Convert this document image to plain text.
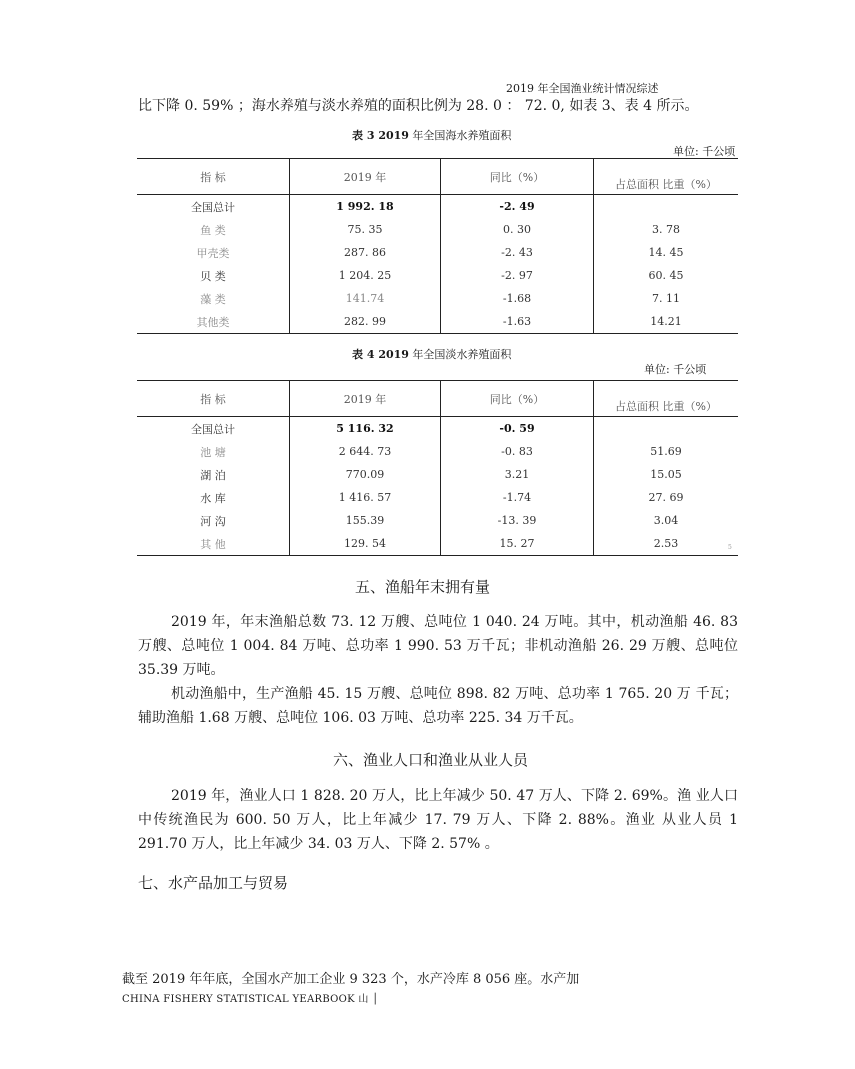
2019 年全国渔业统计情况综述
比下降 0. 59% ；海水养殖与淡水养殖的面积比例为 28. 0 ： 72. 0, 如表 3、表 4 所示。
表 3 2019 年全国海水养殖面积
单位: 千公顷
指 标	2019 年	同比（%）	占总面积 比重（%）
全国总计	1 992. 18	-2. 49	
鱼 类	75. 35	0. 30	3. 78
甲壳类	287. 86	-2. 43	14. 45
贝 类	1 204. 25	-2. 97	60. 45
藻 类	141.74	-1.68	7. 11
其他类	282. 99	-1.63	14.21
表 4 2019 年全国淡水养殖面积
单位: 千公顷
指 标	2019 年	同比（%）	占总面积 比重（%）
全国总计	5 116. 32	-0. 59	
池 塘	2 644. 73	-0. 83	51.69
湖 泊	770.09	3.21	15.05
水 库	1 416. 57	-1.74	27. 69
河 沟	155.39	-13. 39	3.04
其 他	129. 54	15. 27	2.53	5
五、渔船年末拥有量

2019 年，年末渔船总数 73. 12 万艘、总吨位 1 040. 24 万吨。其中，机动渔船 46. 83 万艘、总吨位 1 004. 84 万吨、总功率 1 990. 53 万千瓦；非机动渔船 26. 29 万艘、总吨位 35.39 万吨。

机动渔船中，生产渔船 45. 15 万艘、总吨位 898. 82 万吨、总功率 1 765. 20 万 千瓦；辅助渔船 1.68 万艘、总吨位 106. 03 万吨、总功率 225. 34 万千瓦。

六、渔业人口和渔业从业人员

2019 年，渔业人口 1 828. 20 万人，比上年减少 50. 47 万人、下降 2. 69%。渔 业人口中传统渔民为 600. 50 万人，比上年减少 17. 79 万人、下降 2. 88%。渔业 从业人员 1 291.70 万人，比上年减少 34. 03 万人、下降 2. 57% 。

七、水产品加工与贸易
截至 2019 年年底，全国水产加工企业 9 323 个，水产冷库 8 056 座。水产加
CHINA FISHERY STATISTICAL YEARBOOK 山 │
